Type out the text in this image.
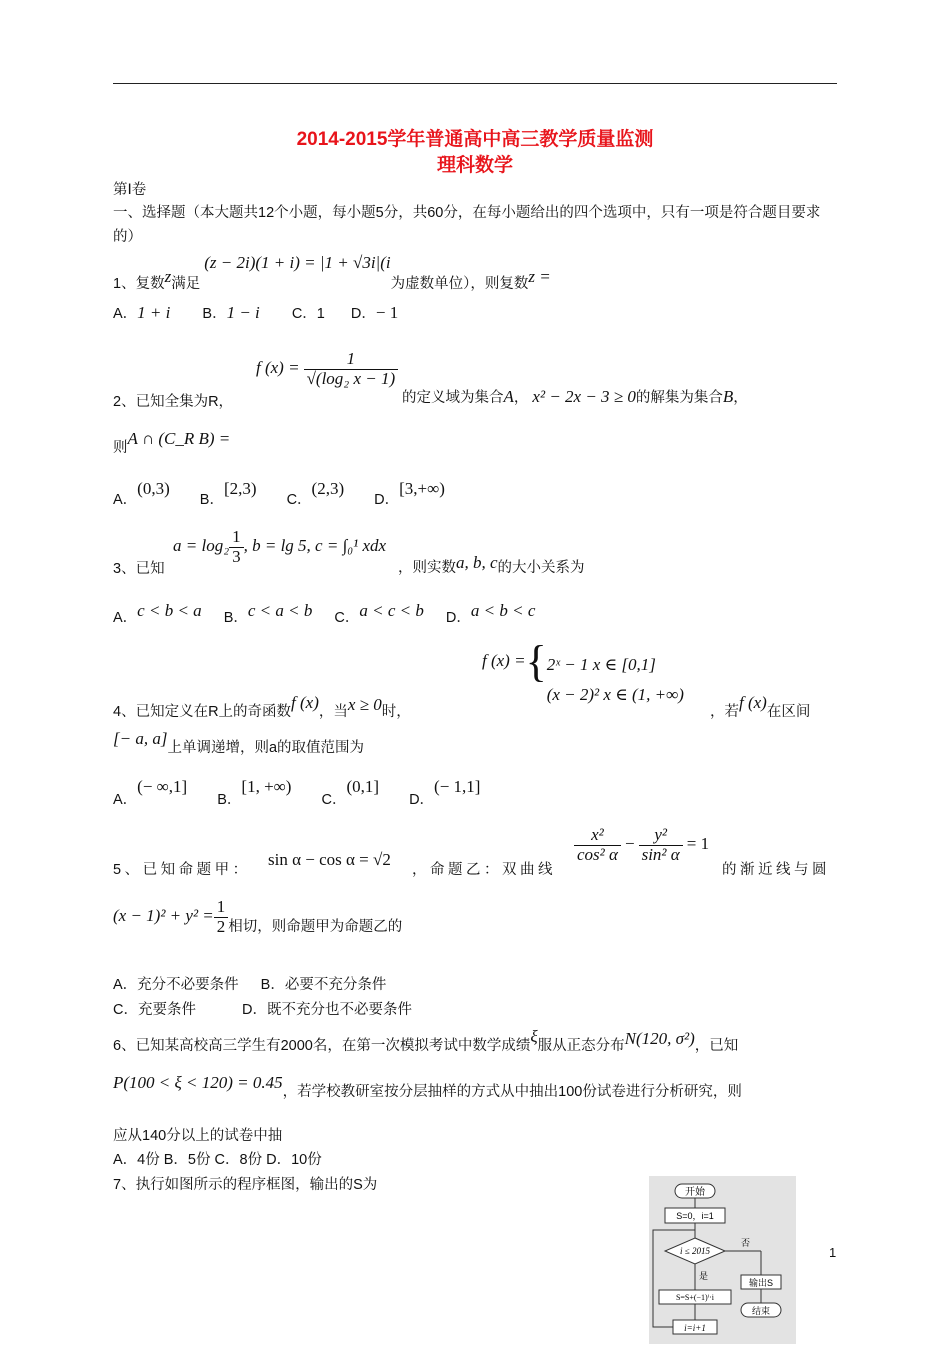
2014-2015学年普通高中高三教学质量监测
理科数学
第Ⅰ卷
一、选择题（本大题共12个小题，每小题5分，共60分，在每小题给出的四个选项中，只有一项是符合题目要求的）
1、复数z满足 (z − 2i)(1 + i) = |1 + √3i|(i为虚数单位），则复数z =
A．1 + i B．1 − i C．1 D．− 1
2、已知全集为R，
f $(x) = \frac{1}{\text{√(log₂ x − 1)}}$
的定义域为集合A， x² − 2x − 3 ≥ 0的解集为集合B，
则A ∩ (C_R B) =
A．(0,3) B．[2,3) C．(2,3) D．[3,+∞)
3、已知
$a = \log_2 \frac{1}{3}$ , b = lg 5, c = ∫₀¹ xdx
，则实数a, b, c的大小关系为
A．c < b < a B．c < a < b C．a < c < b D．a < b < c
4、已知定义在R上的奇函数f (x)，当x ≥ 0时，
f (x) ={ 2ˣ − 1 x ∈ [0,1]
(x − 2)² x ∈ (1, +∞)
，若f (x)在区间
[− a, a]上单调递增，则a的取值范围为
A．(− ∞,1] B．[1, +∞) C．(0,1] D．(− 1,1]
5、已知命题甲：
sin α − cos α = √2
，命题乙：双曲线
$\frac{\text{x²}}{\text{cos² α}} - \frac{\text{y²}}{\text{sin² α}} = 1$
的渐近线与圆
$(x - 1)^2 + y^2 = \frac{1}{2}$ 相切，则命题甲为命题乙的
A．充分不必要条件 B．必要不充分条件
C．充要条件	D．既不充分也不必要条件
6、已知某高校高三学生有2000名，在第一次模拟考试中数学成绩ξ服从正态分布N(120, σ²)，已知
P(100 < ξ < 120) = 0.45，若学校教研室按分层抽样的方式从中抽出100份试卷进行分析研究，则
应从140分以上的试卷中抽
A．4份 B．5份 C．8份 D．10份
7、执行如图所示的程序框图，输出的S为	开始
S=0，i=1
i ≤ 2015
否
输出S
结束
是
S=S+(−1)ⁱ·i
i=i+1
1
